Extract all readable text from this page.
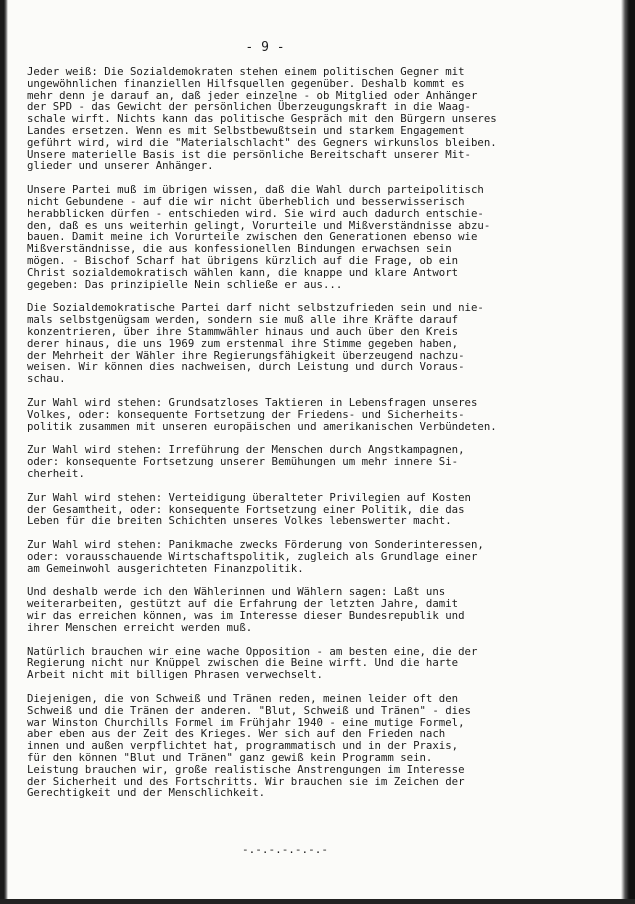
- 9 -
Jeder weiß: Die Sozialdemokraten stehen einem politischen Gegner mit
ungewöhnlichen finanziellen Hilfsquellen gegenüber. Deshalb kommt es
mehr denn je darauf an, daß jeder einzelne - ob Mitglied oder Anhänger
der SPD - das Gewicht der persönlichen Überzeugungskraft in die Waag-
schale wirft. Nichts kann das politische Gespräch mit den Bürgern unseres
Landes ersetzen. Wenn es mit Selbstbewußtsein und starkem Engagement
geführt wird, wird die "Materialschlacht" des Gegners wirkunslos bleiben.
Unsere materielle Basis ist die persönliche Bereitschaft unserer Mit-
glieder und unserer Anhänger.
Unsere Partei muß im übrigen wissen, daß die Wahl durch parteipolitisch
nicht Gebundene - auf die wir nicht überheblich und besserwisserisch
herabblicken dürfen - entschieden wird. Sie wird auch dadurch entschie-
den, daß es uns weiterhin gelingt, Vorurteile und Mißverständnisse abzu-
bauen. Damit meine ich Vorurteile zwischen den Generationen ebenso wie
Mißverständnisse, die aus konfessionellen Bindungen erwachsen sein
mögen. - Bischof Scharf hat übrigens kürzlich auf die Frage, ob ein
Christ sozialdemokratisch wählen kann, die knappe und klare Antwort
gegeben: Das prinzipielle Nein schließe er aus...
Die Sozialdemokratische Partei darf nicht selbstzufrieden sein und nie-
mals selbstgenügsam werden, sondern sie muß alle ihre Kräfte darauf
konzentrieren, über ihre Stammwähler hinaus und auch über den Kreis
derer hinaus, die uns 1969 zum erstenmal ihre Stimme gegeben haben,
der Mehrheit der Wähler ihre Regierungsfähigkeit überzeugend nachzu-
weisen. Wir können dies nachweisen, durch Leistung und durch Voraus-
schau.
Zur Wahl wird stehen: Grundsatzloses Taktieren in Lebensfragen unseres
Volkes, oder: konsequente Fortsetzung der Friedens- und Sicherheits-
politik zusammen mit unseren europäischen und amerikanischen Verbündeten.
Zur Wahl wird stehen: Irreführung der Menschen durch Angstkampagnen,
oder: konsequente Fortsetzung unserer Bemühungen um mehr innere Si-
cherheit.
Zur Wahl wird stehen: Verteidigung überalteter Privilegien auf Kosten
der Gesamtheit, oder: konsequente Fortsetzung einer Politik, die das
Leben für die breiten Schichten unseres Volkes lebenswerter macht.
Zur Wahl wird stehen: Panikmache zwecks Förderung von Sonderinteressen,
oder: vorausschauende Wirtschaftspolitik, zugleich als Grundlage einer
am Gemeinwohl ausgerichteten Finanzpolitik.
Und deshalb werde ich den Wählerinnen und Wählern sagen: Laßt uns
weiterarbeiten, gestützt auf die Erfahrung der letzten Jahre, damit
wir das erreichen können, was im Interesse dieser Bundesrepublik und
ihrer Menschen erreicht werden muß.
Natürlich brauchen wir eine wache Opposition - am besten eine, die der
Regierung nicht nur Knüppel zwischen die Beine wirft. Und die harte
Arbeit nicht mit billigen Phrasen verwechselt.
Diejenigen, die von Schweiß und Tränen reden, meinen leider oft den
Schweiß und die Tränen der anderen. "Blut, Schweiß und Tränen" - dies
war Winston Churchills Formel im Frühjahr 1940 - eine mutige Formel,
aber eben aus der Zeit des Krieges. Wer sich auf den Frieden nach
innen und außen verpflichtet hat, programmatisch und in der Praxis,
für den können "Blut und Tränen" ganz gewiß kein Programm sein.
Leistung brauchen wir, große realistische Anstrengungen im Interesse
der Sicherheit und des Fortschritts. Wir brauchen sie im Zeichen der
Gerechtigkeit und der Menschlichkeit.
-.-.-.-.-.-.-
